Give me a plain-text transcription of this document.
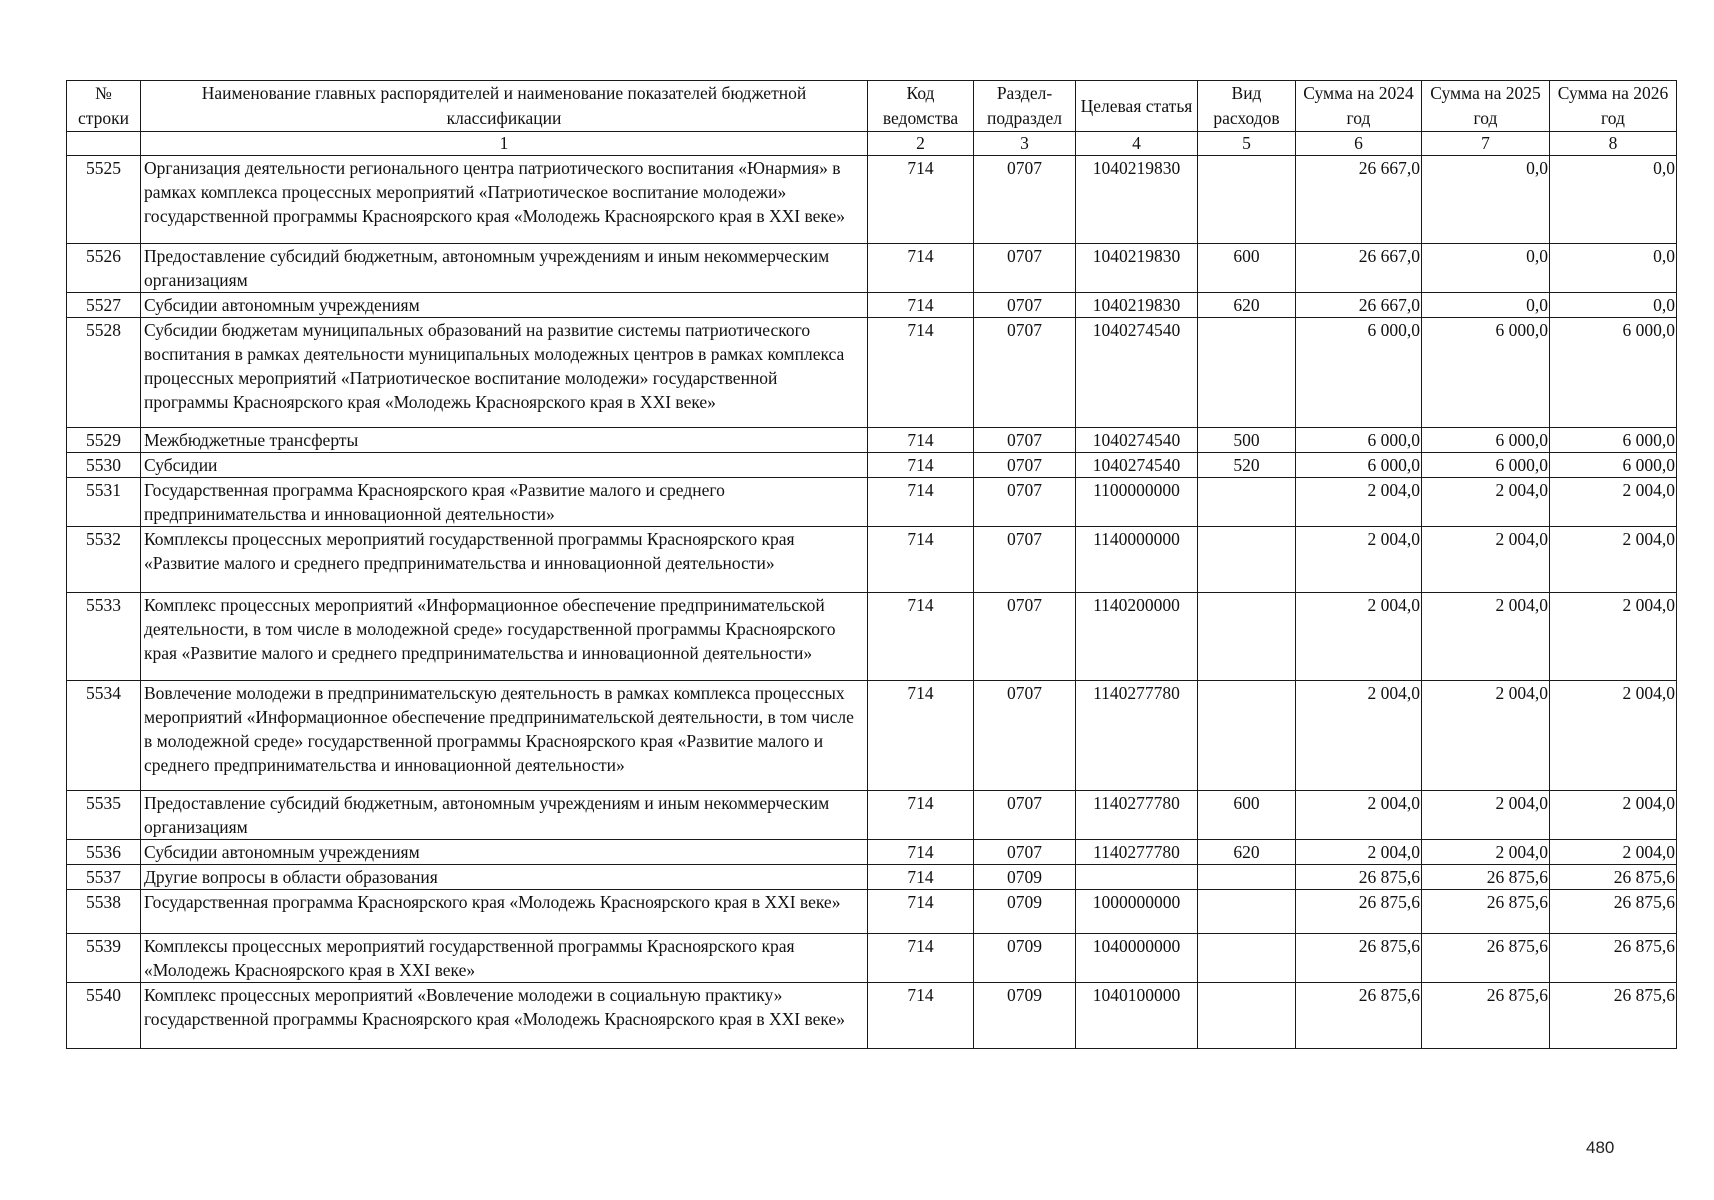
№ строки	Наименование главных распорядителей и наименование показателей бюджетной классификации	Код ведомства	Раздел-подраздел	Целевая статья	Вид расходов	Сумма на 2024 год	Сумма на 2025 год	Сумма на 2026 год
	1	2	3	4	5	6	7	8
5525	Организация деятельности регионального центра патриотического воспитания «Юнармия» в рамках комплекса процессных мероприятий «Патриотическое воспитание молодежи» государственной программы Красноярского края «Молодежь Красноярского края в XXI веке»	714	0707	1040219830		26 667,0	0,0	0,0
5526	Предоставление субсидий бюджетным, автономным учреждениям и иным некоммерческим организациям	714	0707	1040219830	600	26 667,0	0,0	0,0
5527	Субсидии автономным учреждениям	714	0707	1040219830	620	26 667,0	0,0	0,0
5528	Субсидии бюджетам муниципальных образований на развитие системы патриотического воспитания в рамках деятельности муниципальных молодежных центров в рамках комплекса процессных мероприятий «Патриотическое воспитание молодежи» государственной программы Красноярского края «Молодежь Красноярского края в XXI веке»	714	0707	1040274540		6 000,0	6 000,0	6 000,0
5529	Межбюджетные трансферты	714	0707	1040274540	500	6 000,0	6 000,0	6 000,0
5530	Субсидии	714	0707	1040274540	520	6 000,0	6 000,0	6 000,0
5531	Государственная программа Красноярского края «Развитие малого и среднего предпринимательства и инновационной деятельности»	714	0707	1100000000		2 004,0	2 004,0	2 004,0
5532	Комплексы процессных мероприятий государственной программы Красноярского края «Развитие малого и среднего предпринимательства и инновационной деятельности»	714	0707	1140000000		2 004,0	2 004,0	2 004,0
5533	Комплекс процессных мероприятий «Информационное обеспечение предпринимательской деятельности, в том числе в молодежной среде» государственной программы Красноярского края «Развитие малого и среднего предпринимательства и инновационной деятельности»	714	0707	1140200000		2 004,0	2 004,0	2 004,0
5534	Вовлечение молодежи в предпринимательскую деятельность в рамках комплекса процессных мероприятий «Информационное обеспечение предпринимательской деятельности, в том числе в молодежной среде» государственной программы Красноярского края «Развитие малого и среднего предпринимательства и инновационной деятельности»	714	0707	1140277780		2 004,0	2 004,0	2 004,0
5535	Предоставление субсидий бюджетным, автономным учреждениям и иным некоммерческим организациям	714	0707	1140277780	600	2 004,0	2 004,0	2 004,0
5536	Субсидии автономным учреждениям	714	0707	1140277780	620	2 004,0	2 004,0	2 004,0
5537	Другие вопросы в области образования	714	0709			26 875,6	26 875,6	26 875,6
5538	Государственная программа Красноярского края «Молодежь Красноярского края в XXI веке»	714	0709	1000000000		26 875,6	26 875,6	26 875,6
5539	Комплексы процессных мероприятий государственной программы Красноярского края «Молодежь Красноярского края в XXI веке»	714	0709	1040000000		26 875,6	26 875,6	26 875,6
5540	Комплекс процессных мероприятий «Вовлечение молодежи в социальную практику» государственной программы Красноярского края «Молодежь Красноярского края в XXI веке»	714	0709	1040100000		26 875,6	26 875,6	26 875,6
480
